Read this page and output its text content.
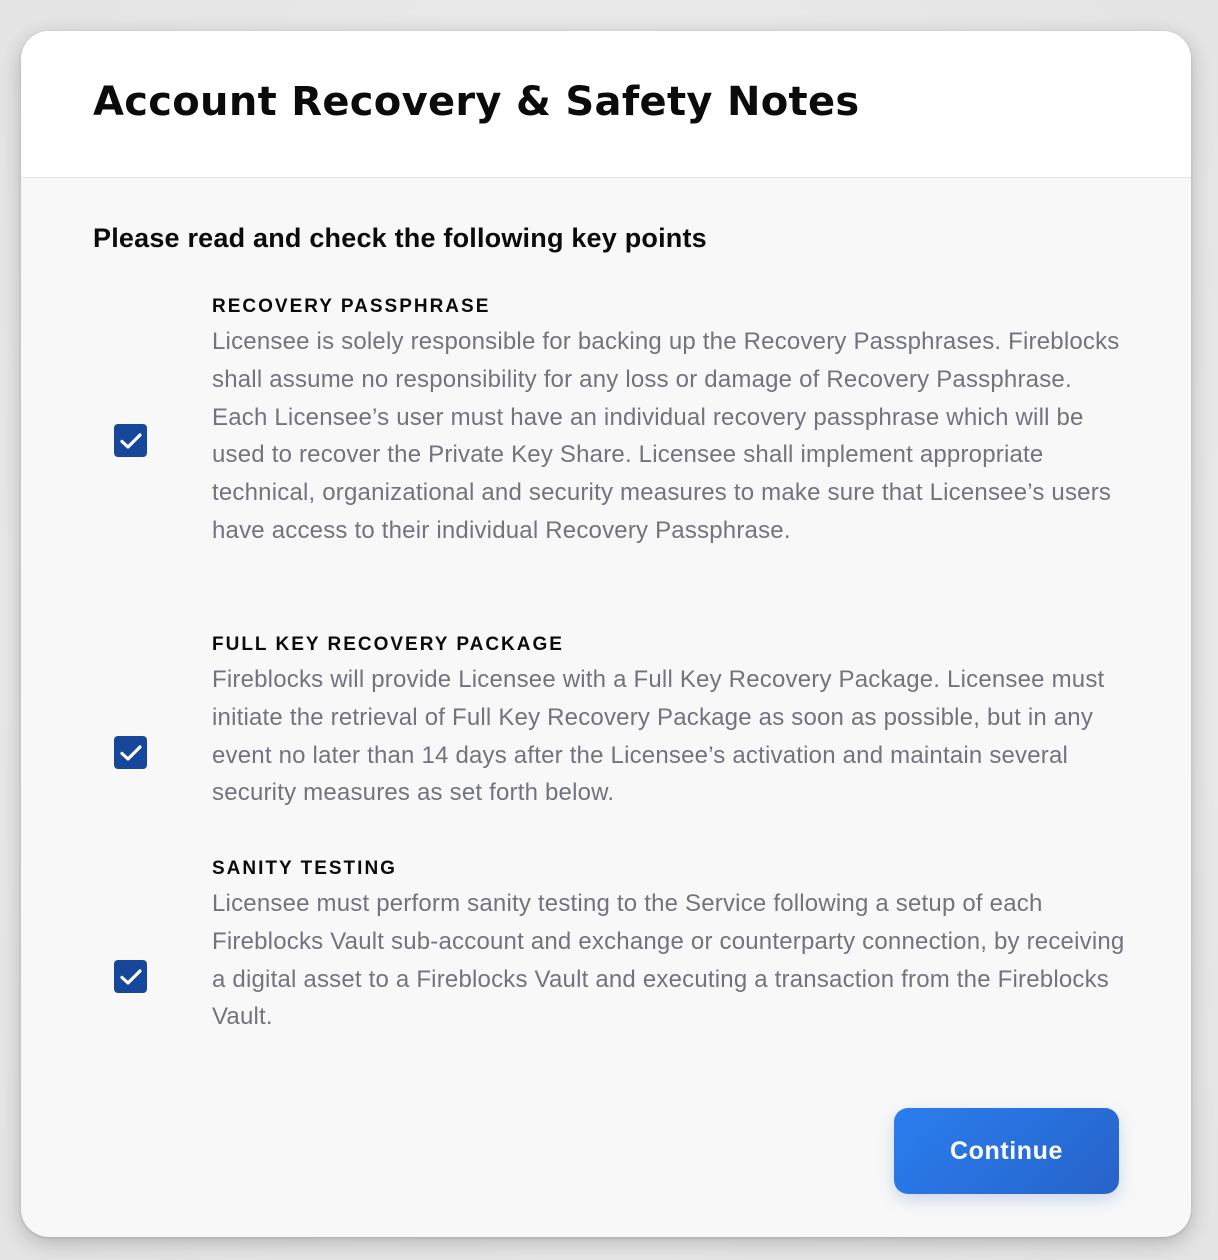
Account Recovery & Safety Notes

Please read and check the following key points

RECOVERY PASSPHRASE

Licensee is solely responsible for backing up the Recovery Passphrases. Fireblocks shall assume no responsibility for any loss or damage of Recovery Passphrase. Each Licensee’s user must have an individual recovery passphrase which will be used to recover the Private Key Share. Licensee shall implement appropriate technical, organizational and security measures to make sure that Licensee’s users have access to their individual Recovery Passphrase.

FULL KEY RECOVERY PACKAGE

Fireblocks will provide Licensee with a Full Key Recovery Package. Licensee must initiate the retrieval of Full Key Recovery Package as soon as possible, but in any event no later than 14 days after the Licensee’s activation and maintain several security measures as set forth below.

SANITY TESTING

Licensee must perform sanity testing to the Service following a setup of each Fireblocks Vault sub-account and exchange or counterparty connection, by receiving a digital asset to a Fireblocks Vault and executing a transaction from the Fireblocks Vault.

Continue
